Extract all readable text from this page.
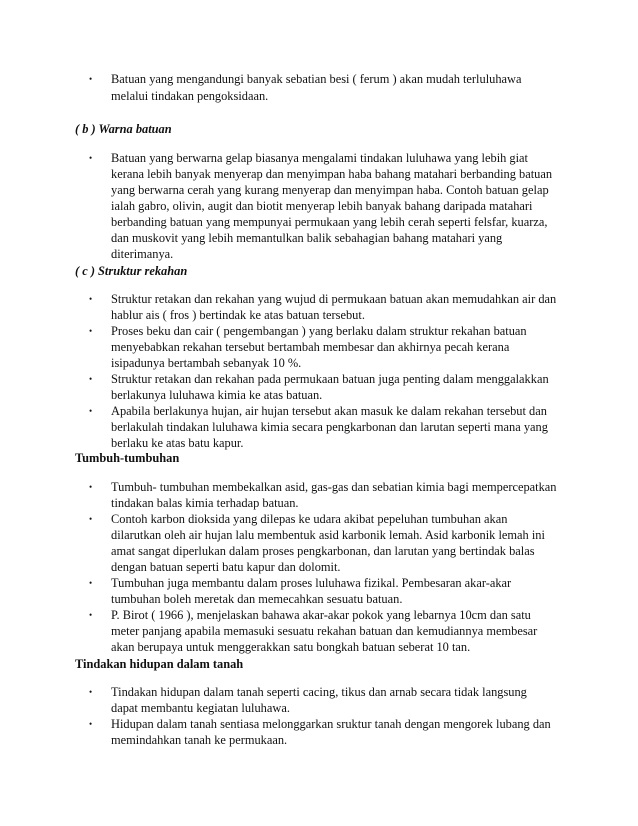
• Batuan yang mengandungi banyak sebatian besi ( ferum ) akan mudah terluluhawa
melalui tindakan pengoksidaan.
( b ) Warna batuan
• Batuan yang berwarna gelap biasanya mengalami tindakan luluhawa yang lebih giat
kerana lebih banyak menyerap dan menyimpan haba bahang matahari berbanding batuan
yang berwarna cerah yang kurang menyerap dan menyimpan haba. Contoh batuan gelap
ialah gabro, olivin, augit dan biotit menyerap lebih banyak bahang daripada matahari
berbanding batuan yang mempunyai permukaan yang lebih cerah seperti felsfar, kuarza,
dan muskovit yang lebih memantulkan balik sebahagian bahang matahari yang
diterimanya.
( c ) Struktur rekahan
• Struktur retakan dan rekahan yang wujud di permukaan batuan akan memudahkan air dan
hablur ais ( fros ) bertindak ke atas batuan tersebut.
• Proses beku dan cair ( pengembangan ) yang berlaku dalam struktur rekahan batuan
menyebabkan rekahan tersebut bertambah membesar dan akhirnya pecah kerana
isipadunya bertambah sebanyak 10 %.
• Struktur retakan dan rekahan pada permukaan batuan juga penting dalam menggalakkan
berlakunya luluhawa kimia ke atas batuan.
• Apabila berlakunya hujan, air hujan tersebut akan masuk ke dalam rekahan tersebut dan
berlakulah tindakan luluhawa kimia secara pengkarbonan dan larutan seperti mana yang
berlaku ke atas batu kapur.
Tumbuh-tumbuhan
• Tumbuh- tumbuhan membekalkan asid, gas-gas dan sebatian kimia bagi mempercepatkan
tindakan balas kimia terhadap batuan.
• Contoh karbon dioksida yang dilepas ke udara akibat pepeluhan tumbuhan akan
dilarutkan oleh air hujan lalu membentuk asid karbonik lemah. Asid karbonik lemah ini
amat sangat diperlukan dalam proses pengkarbonan, dan larutan yang bertindak balas
dengan batuan seperti batu kapur dan dolomit.
• Tumbuhan juga membantu dalam proses luluhawa fizikal. Pembesaran akar-akar
tumbuhan boleh meretak dan memecahkan sesuatu batuan.
• P. Birot ( 1966 ), menjelaskan bahawa akar-akar pokok yang lebarnya 10cm dan satu
meter panjang apabila memasuki sesuatu rekahan batuan dan kemudiannya membesar
akan berupaya untuk menggerakkan satu bongkah batuan seberat 10 tan.
Tindakan hidupan dalam tanah
• Tindakan hidupan dalam tanah seperti cacing, tikus dan arnab secara tidak langsung
dapat membantu kegiatan luluhawa.
• Hidupan dalam tanah sentiasa melonggarkan sruktur tanah dengan mengorek lubang dan
memindahkan tanah ke permukaan.
